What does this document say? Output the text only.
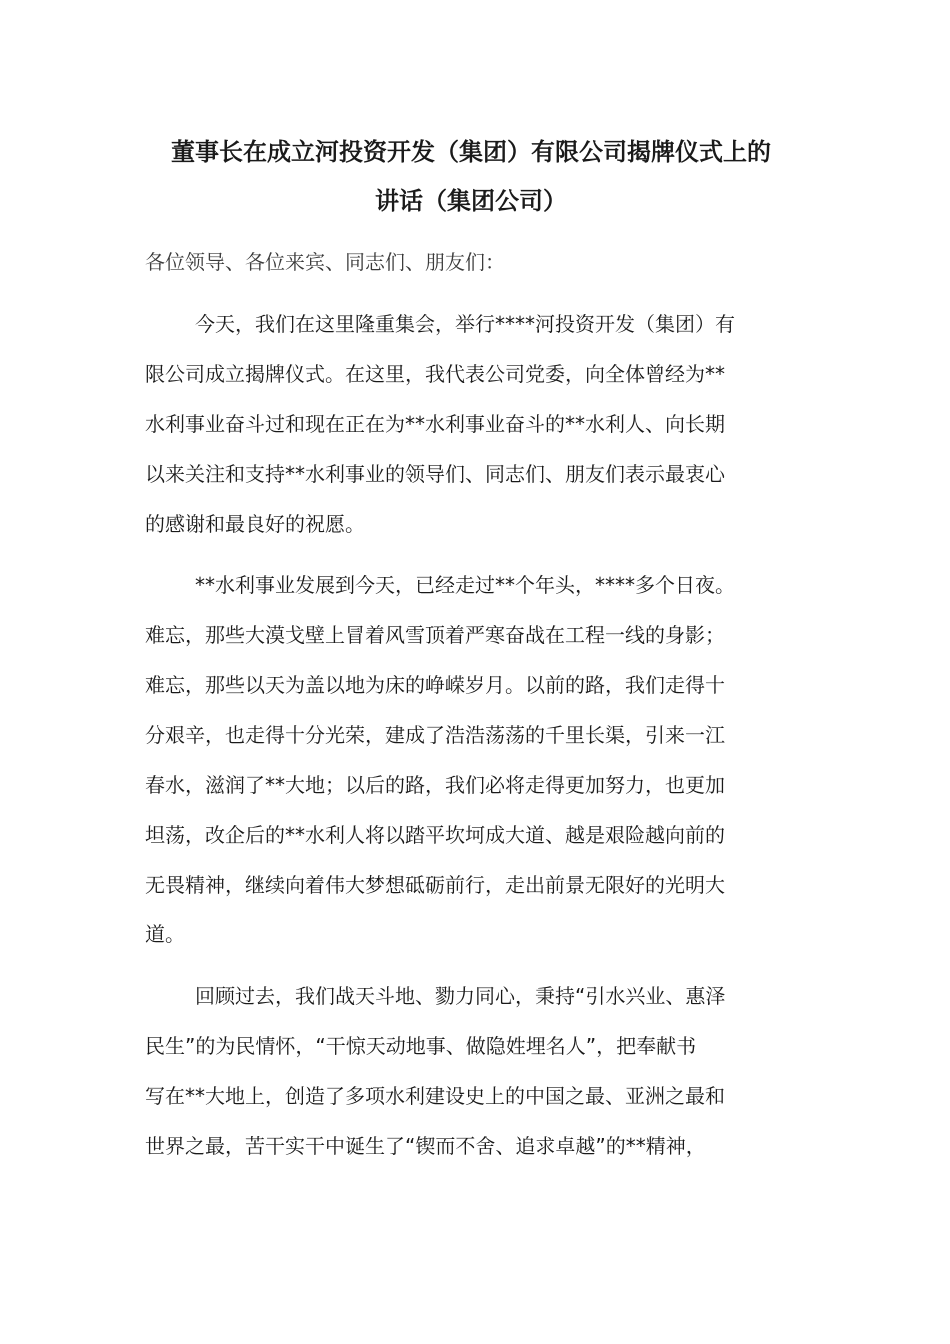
董事长在成立河投资开发（集团）有限公司揭牌仪式上的
讲话（集团公司）
各位领导、各位来宾、同志们、朋友们：
今天，我们在这里隆重集会，举行****河投资开发（集团）有
限公司成立揭牌仪式。在这里，我代表公司党委，向全体曾经为**
水利事业奋斗过和现在正在为**水利事业奋斗的**水利人、向长期
以来关注和支持**水利事业的领导们、同志们、朋友们表示最衷心
的感谢和最良好的祝愿。
**水利事业发展到今天，已经走过**个年头，****多个日夜。
难忘，那些大漠戈壁上冒着风雪顶着严寒奋战在工程一线的身影；
难忘，那些以天为盖以地为床的峥嵘岁月。以前的路，我们走得十
分艰辛，也走得十分光荣，建成了浩浩荡荡的千里长渠，引来一江
春水，滋润了**大地；以后的路，我们必将走得更加努力，也更加
坦荡，改企后的**水利人将以踏平坎坷成大道、越是艰险越向前的
无畏精神，继续向着伟大梦想砥砺前行，走出前景无限好的光明大
道。
回顾过去，我们战天斗地、勠力同心，秉持“引水兴业、惠泽
民生”的为民情怀，“干惊天动地事、做隐姓埋名人”，把奉献书
写在**大地上，创造了多项水利建设史上的中国之最、亚洲之最和
世界之最，苦干实干中诞生了“锲而不舍、追求卓越”的**精神，
